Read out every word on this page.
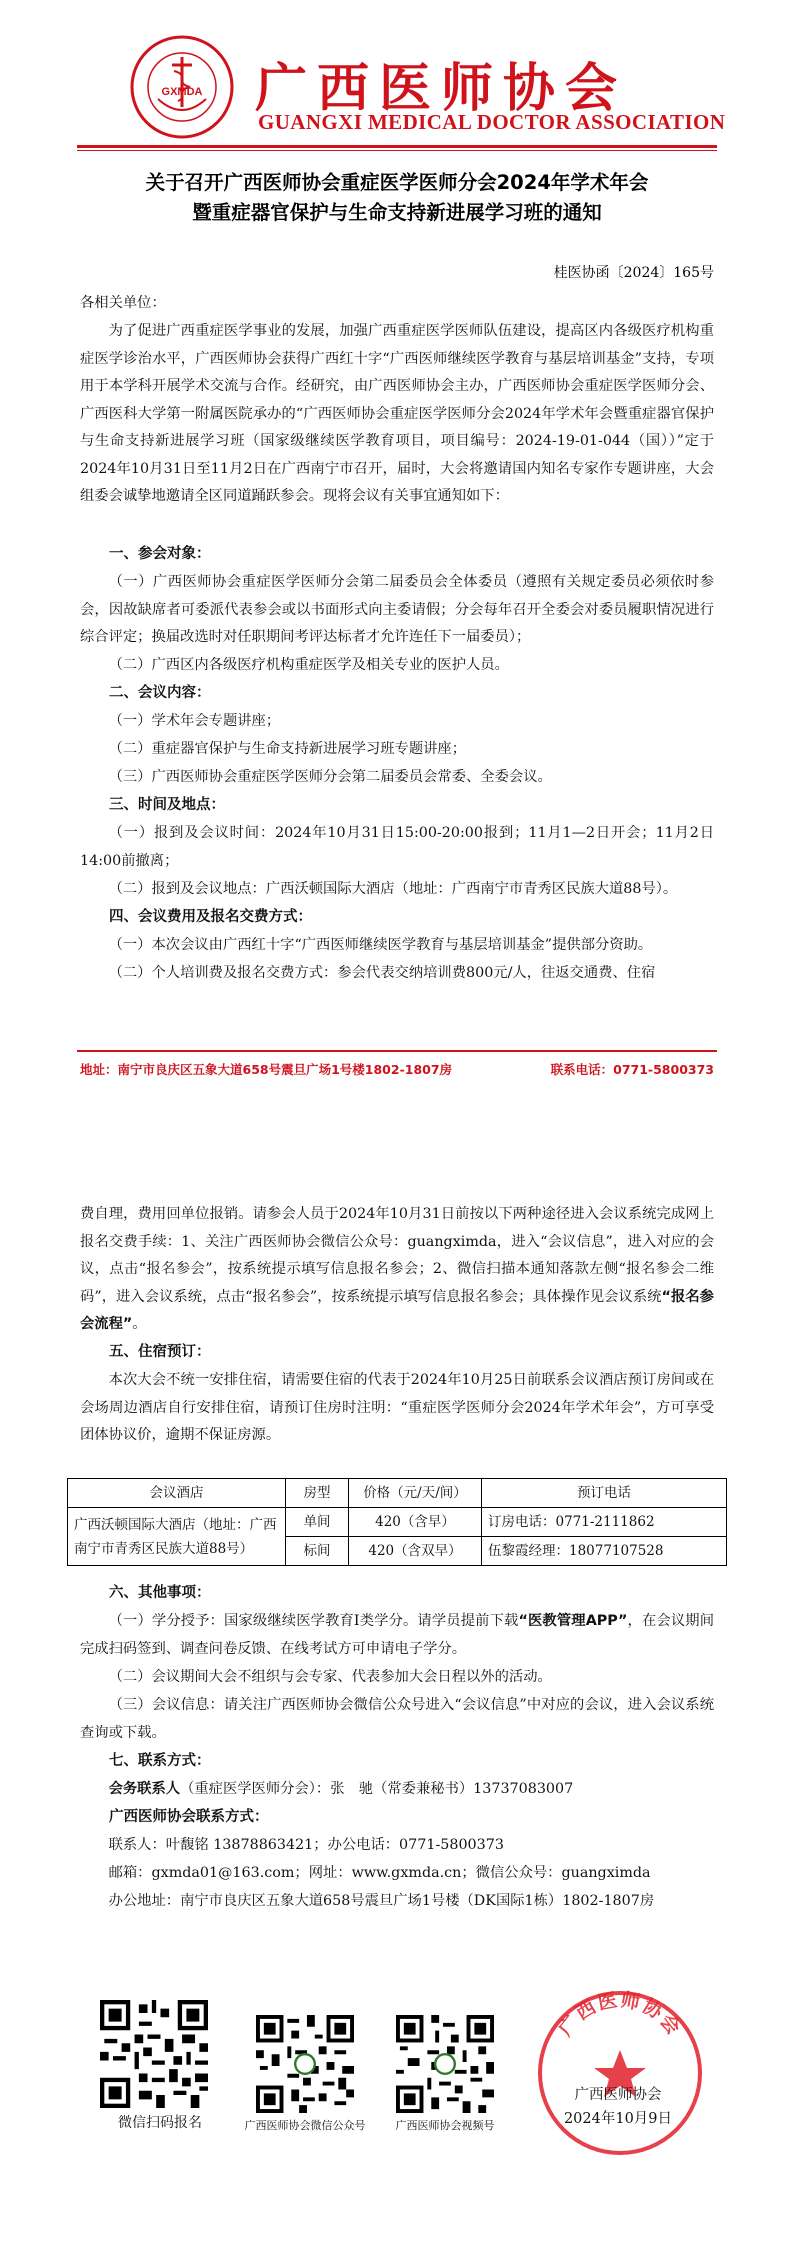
GXMDA 广西医师协会
GUANGXI MEDICAL DOCTOR ASSOCIATION
关于召开广西医师协会重症医学医师分会2024年学术年会
暨重症器官保护与生命支持新进展学习班的通知
桂医协函〔2024〕165号
各相关单位：
为了促进广西重症医学事业的发展，加强广西重症医学医师队伍建设，提高区内各级医疗机构重症医学诊治水平，广西医师协会获得广西红十字“广西医师继续医学教育与基层培训基金”支持，专项用于本学科开展学术交流与合作。经研究，由广西医师协会主办，广西医师协会重症医学医师分会、广西医科大学第一附属医院承办的“广西医师协会重症医学医师分会2024年学术年会暨重症器官保护与生命支持新进展学习班（国家级继续医学教育项目，项目编号：2024-19-01-044（国））”定于2024年10月31日至11月2日在广西南宁市召开，届时，大会将邀请国内知名专家作专题讲座，大会组委会诚挚地邀请全区同道踊跃参会。现将会议有关事宜通知如下：
一、参会对象：
（一）广西医师协会重症医学医师分会第二届委员会全体委员（遵照有关规定委员必须依时参会，因故缺席者可委派代表参会或以书面形式向主委请假；分会每年召开全委会对委员履职情况进行综合评定；换届改选时对任职期间考评达标者才允许连任下一届委员）；
（二）广西区内各级医疗机构重症医学及相关专业的医护人员。
二、会议内容：
（一）学术年会专题讲座；
（二）重症器官保护与生命支持新进展学习班专题讲座；
（三）广西医师协会重症医学医师分会第二届委员会常委、全委会议。
三、时间及地点：
（一）报到及会议时间：2024年10月31日15:00-20:00报到；11月1—2日开会；11月2日14:00前撤离；
（二）报到及会议地点：广西沃顿国际大酒店（地址：广西南宁市青秀区民族大道88号）。
四、会议费用及报名交费方式：
（一）本次会议由广西红十字“广西医师继续医学教育与基层培训基金”提供部分资助。
（二）个人培训费及报名交费方式：参会代表交纳培训费800元/人，往返交通费、住宿
地址：南宁市良庆区五象大道658号震旦广场1号楼1802-1807房	联系电话：0771-5800373
费自理，费用回单位报销。请参会人员于2024年10月31日前按以下两种途径进入会议系统完成网上报名交费手续：1、关注广西医师协会微信公众号：guangximda，进入“会议信息”，进入对应的会议，点击“报名参会”，按系统提示填写信息报名参会；2、微信扫描本通知落款左侧“报名参会二维码”，进入会议系统，点击“报名参会”，按系统提示填写信息报名参会；具体操作见会议系统“报名参会流程”。
五、住宿预订：
本次大会不统一安排住宿，请需要住宿的代表于2024年10月25日前联系会议酒店预订房间或在会场周边酒店自行安排住宿，请预订住房时注明：“重症医学医师分会2024年学术年会”，方可享受团体协议价，逾期不保证房源。
会议酒店	房型	价格（元/天/间）	预订电话
广西沃顿国际大酒店（地址：广西南宁市青秀区民族大道88号）	单间	420（含早）	订房电话：0771-2111862
	标间	420（含双早）	伍黎霞经理：18077107528
六、其他事项：
（一）学分授予：国家级继续医学教育I类学分。请学员提前下载“医教管理APP”，在会议期间完成扫码签到、调查问卷反馈、在线考试方可申请电子学分。
（二）会议期间大会不组织与会专家、代表参加大会日程以外的活动。
（三）会议信息：请关注广西医师协会微信公众号进入“会议信息”中对应的会议，进入会议系统查询或下载。
七、联系方式：
会务联系人（重症医学医师分会）：张　驰（常委兼秘书）13737083007
广西医师协会联系方式：
联系人：叶馥铭 13878863421；办公电话：0771-5800373
邮箱：gxmda01@163.com；网址：www.gxmda.cn；微信公众号：guangximda
办公地址：南宁市良庆区五象大道658号震旦广场1号楼（DK国际1栋）1802-1807房
微信扫码报名	广西医师协会微信公众号	广西医师协会视频号
广西医师协会
广西医师协会
2024年10月9日
